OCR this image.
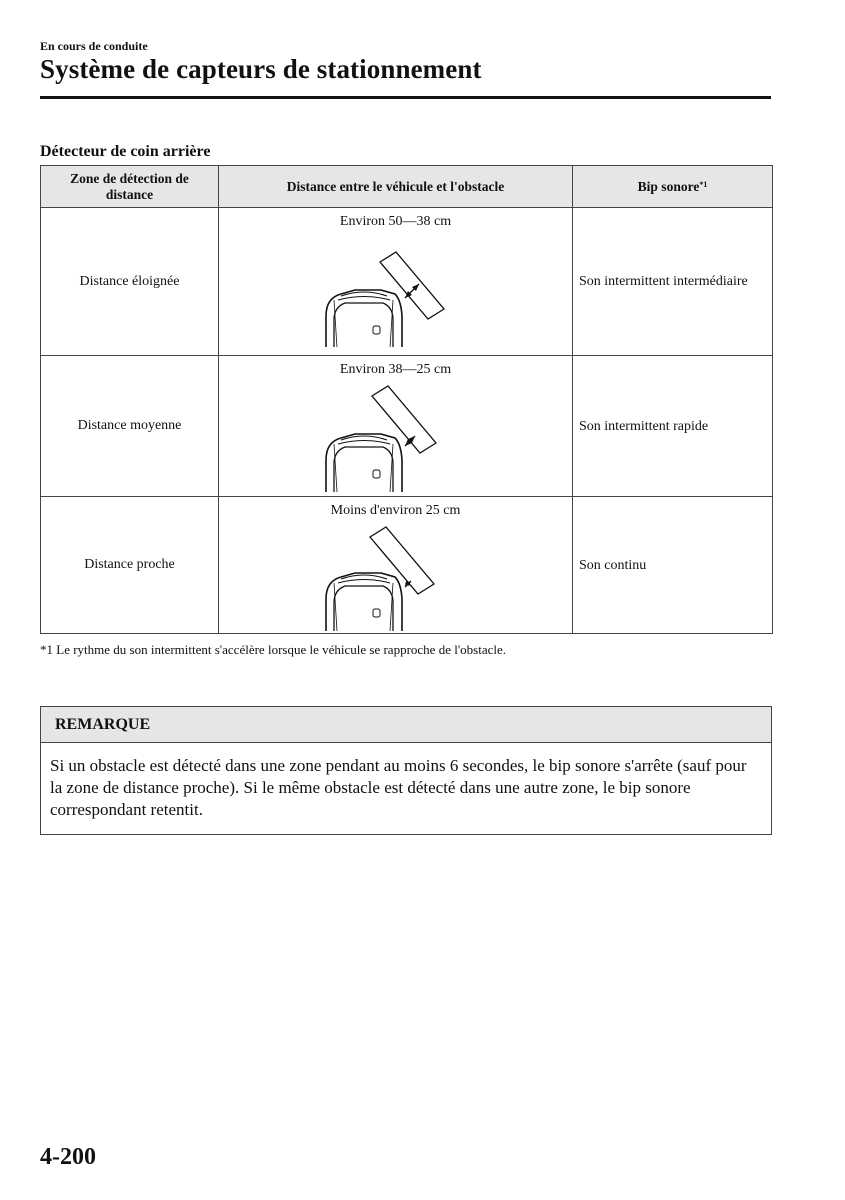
En cours de conduite
Système de capteurs de stationnement
Détecteur de coin arrière
Zone de détection de distance	Distance entre le véhicule et l'obstacle	Bip sonore$^{*1}$
Distance éloignée	Environ 50—38 cm	Son intermittent intermédiaire
Distance moyenne	Environ 38—25 cm	Son intermittent rapide
Distance proche	Moins d'environ 25 cm	Son continu
*1 Le rythme du son intermittent s'accélère lorsque le véhicule se rapproche de l'obstacle.
REMARQUE
Si un obstacle est détecté dans une zone pendant au moins 6 secondes, le bip sonore s'arrête (sauf pour la zone de distance proche). Si le même obstacle est détecté dans une autre zone, le bip sonore correspondant retentit.
4-200
